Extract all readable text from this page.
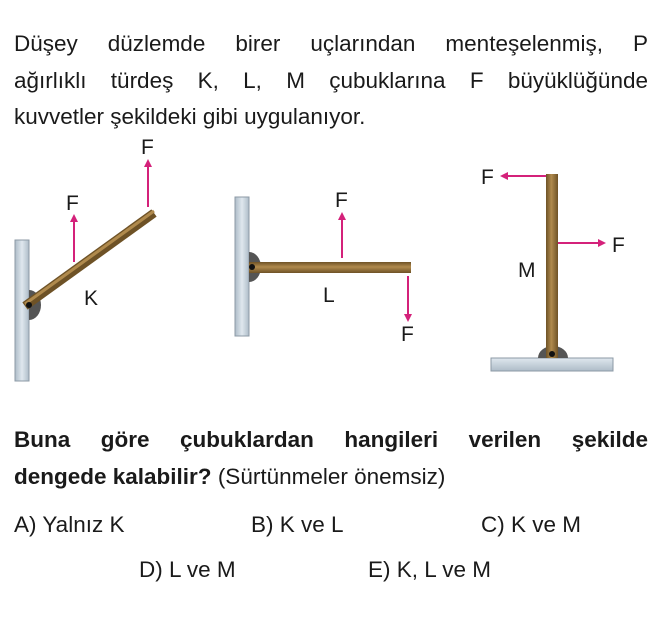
Düşey düzlemde birer uçlarından menteşelenmiş, P
ağırlıklı türdeş K, L, M çubuklarına F büyüklüğünde
kuvvetler şekildeki gibi uygulanıyor.
F
F
K
F
F
L
F
F
M
Buna göre çubuklardan hangileri verilen şekilde
dengede kalabilir? (Sürtünmeler önemsiz)
A) Yalnız K	B) K ve L	C) K ve M
D) L ve M	E) K, L ve M
